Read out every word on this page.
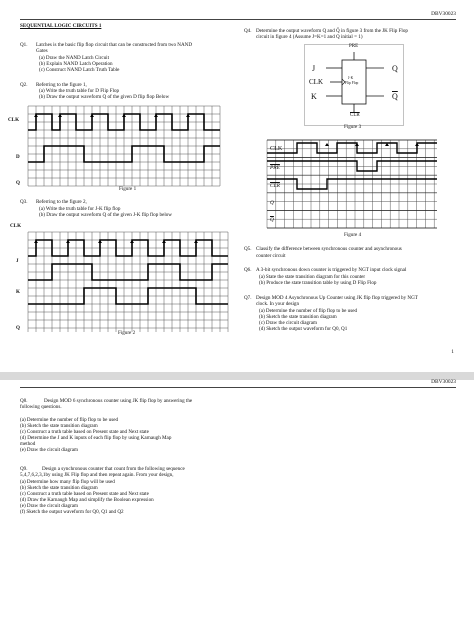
DBV30023
SEQUENTIAL LOGIC CIRCUITS 1
Q1. Latches is the basic flip flop circuit that can be constructed from two NAND
Gates
(a) Draw the NAND Latch Circuit
(b) Explain NAND Latch Operation
(c) Construct NAND Latch Truth Table
Q2. Referring to the figure 1,
(a) Write the truth table for D Flip Flop
(b) Draw the output waveform Q of the given D flip flop Below
CLK
D
Q
Figure 1
Q3. Referring to the figure 2,
(a) Write the truth table for J-K flip flop
(b) Draw the output waveform Q of the given J-K flip flop below
CLK
J
K
Q
Figure 2
Q4. Determine the output waveform Q and Q̄ in figure 3 from the JK Flip Flop
circuit in figure 4 (Assume J=K=1 and Q initial = 1)
PRE
$\overline{CLR}$
J
CLK
K
Q
$\overline{Q}$
J-K
Flip Flop
Figure 3
CLK
$\overline{PRE}$
$\overline{CLR}$
Q
$\overline{Q}$
Figure 4
Q5. Classify the difference between synchronous counter and asynchronous
counter circuit
Q6. A 3-bit synchronous down counter is triggered by NGT input clock signal
(a) State the state transition diagram for this counter
(b) Produce the state transition table by using D Flip Flop
Q7. Design MOD 4 Asynchronous Up Counter using JK flip flop triggered by NGT
clock. In your design
(a) Determine the number of flip flop to be used
(b) Sketch the state transition diagram
(c) Draw the circuit diagram
(d) Sketch the output waveform for Q0, Q1
1
DBV30023
Q8.	Design MOD 6 synchronous counter using JK flip flop by answering the
following questions.
(a) Determine the number of flip flop to be used
(b) Sketch the state transition diagram
(c) Construct a truth table based on Present state and Next state
(d) Determine the J and K inputs of each flip flop by using Karnaugh Map
method
(e) Draw the circuit diagram
Q9.	Design a synchronous counter that count from the following sequence
5,4,7,6,2,3,1by using JK Flip flop and then repeat again. From your design,
(a) Determine how many flip flop will be used
(b) Sketch the state transition diagram
(c) Construct a truth table based on Present state and Next state
(d) Draw the Karnaugh Map and simplify the Boolean expression
(e) Draw the circuit diagram
(f) Sketch the output waveform for Q0, Q1 and Q2
